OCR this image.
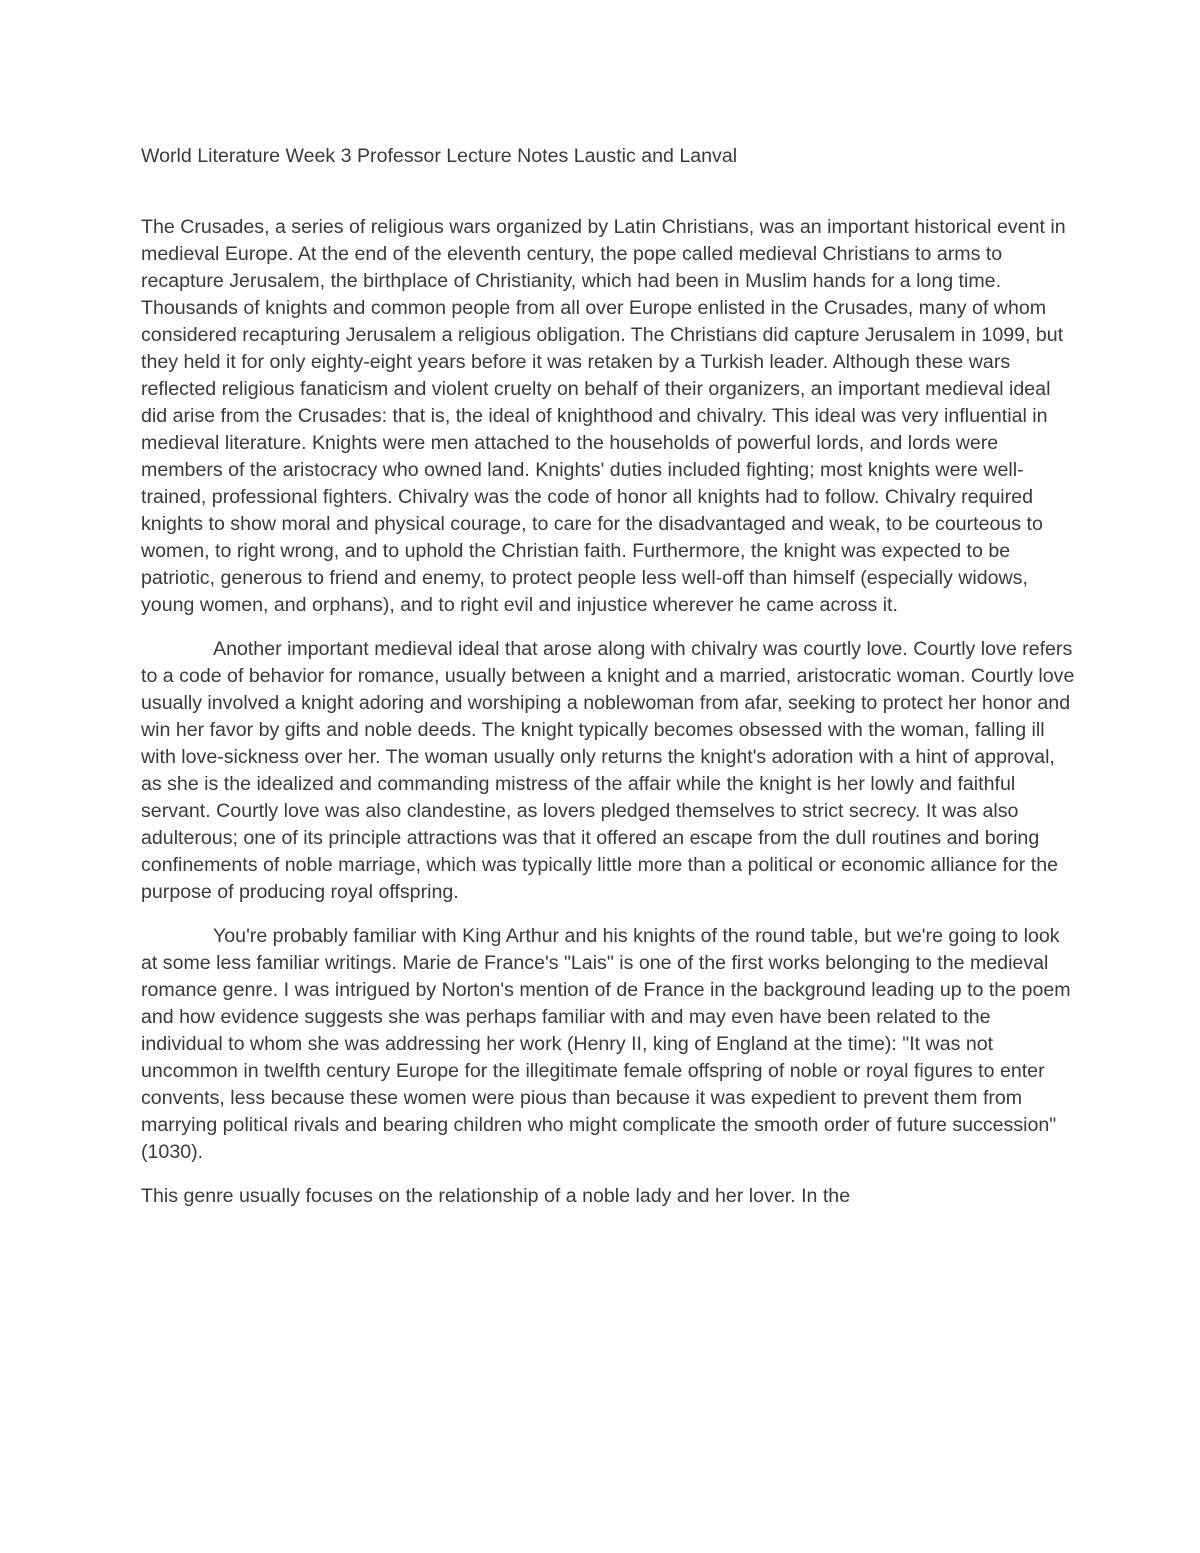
World Literature Week 3 Professor Lecture Notes Laustic and Lanval

The Crusades, a series of religious wars organized by Latin Christians, was an important historical event in medieval Europe. At the end of the eleventh century, the pope called medieval Christians to arms to recapture Jerusalem, the birthplace of Christianity, which had been in Muslim hands for a long time. Thousands of knights and common people from all over Europe enlisted in the Crusades, many of whom considered recapturing Jerusalem a religious obligation. The Christians did capture Jerusalem in 1099, but they held it for only eighty-eight years before it was retaken by a Turkish leader. Although these wars reflected religious fanaticism and violent cruelty on behalf of their organizers, an important medieval ideal did arise from the Crusades: that is, the ideal of knighthood and chivalry. This ideal was very influential in medieval literature. Knights were men attached to the households of powerful lords, and lords were members of the aristocracy who owned land. Knights' duties included fighting; most knights were well-trained, professional fighters. Chivalry was the code of honor all knights had to follow. Chivalry required knights to show moral and physical courage, to care for the disadvantaged and weak, to be courteous to women, to right wrong, and to uphold the Christian faith. Furthermore, the knight was expected to be patriotic, generous to friend and enemy, to protect people less well-off than himself (especially widows, young women, and orphans), and to right evil and injustice wherever he came across it.

Another important medieval ideal that arose along with chivalry was courtly love. Courtly love refers to a code of behavior for romance, usually between a knight and a married, aristocratic woman. Courtly love usually involved a knight adoring and worshiping a noblewoman from afar, seeking to protect her honor and win her favor by gifts and noble deeds. The knight typically becomes obsessed with the woman, falling ill with love-sickness over her. The woman usually only returns the knight's adoration with a hint of approval, as she is the idealized and commanding mistress of the affair while the knight is her lowly and faithful servant. Courtly love was also clandestine, as lovers pledged themselves to strict secrecy. It was also adulterous; one of its principle attractions was that it offered an escape from the dull routines and boring confinements of noble marriage, which was typically little more than a political or economic alliance for the purpose of producing royal offspring.

You're probably familiar with King Arthur and his knights of the round table, but we're going to look at some less familiar writings. Marie de France's "Lais" is one of the first works belonging to the medieval romance genre. I was intrigued by Norton's mention of de France in the background leading up to the poem and how evidence suggests she was perhaps familiar with and may even have been related to the individual to whom she was addressing her work (Henry II, king of England at the time): "It was not uncommon in twelfth century Europe for the illegitimate female offspring of noble or royal figures to enter convents, less because these women were pious than because it was expedient to prevent them from marrying political rivals and bearing children who might complicate the smooth order of future succession"(1030).

This genre usually focuses on the relationship of a noble lady and her lover. In the
